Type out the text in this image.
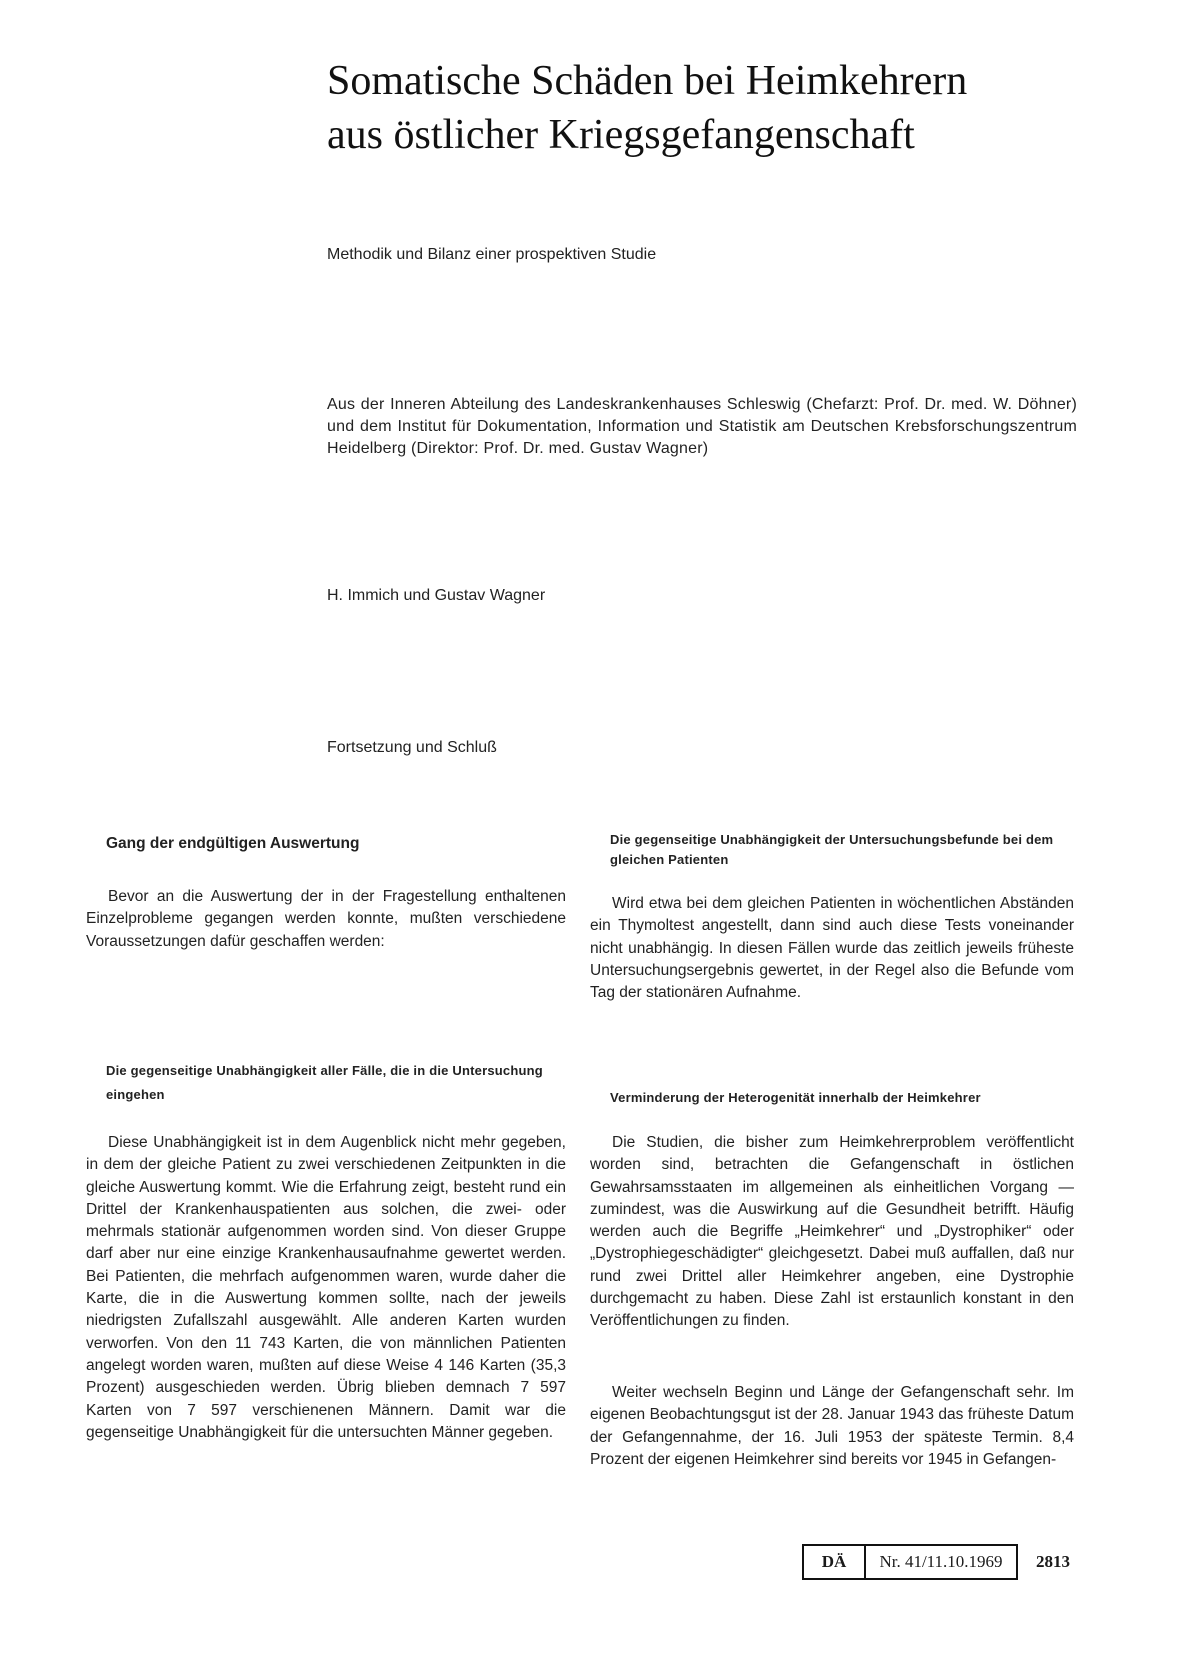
Somatische Schäden bei Heimkehrern
aus östlicher Kriegsgefangenschaft

Methodik und Bilanz einer prospektiven Studie

Aus der Inneren Abteilung des Landeskrankenhauses Schleswig (Chefarzt: Prof. Dr. med. W. Döhner) und dem Institut für Dokumentation, Information und Statistik am Deutschen Krebsforschungszentrum Heidelberg (Direktor: Prof. Dr. med. Gustav Wagner)

H. Immich und Gustav Wagner

Fortsetzung und Schluß

Gang der endgültigen Auswertung

Bevor an die Auswertung der in der Fragestellung enthaltenen Einzelprobleme gegangen werden konnte, mußten verschiedene Voraussetzungen dafür geschaffen werden:

Die gegenseitige Unabhängigkeit aller Fälle, die in die Untersuchung eingehen

Diese Unabhängigkeit ist in dem Augenblick nicht mehr gegeben, in dem der gleiche Patient zu zwei verschiedenen Zeitpunkten in die gleiche Auswertung kommt. Wie die Erfahrung zeigt, besteht rund ein Drittel der Krankenhauspatienten aus solchen, die zwei- oder mehrmals stationär aufgenommen worden sind. Von dieser Gruppe darf aber nur eine einzige Krankenhausaufnahme gewertet werden. Bei Patienten, die mehrfach aufgenommen waren, wurde daher die Karte, die in die Auswertung kommen sollte, nach der jeweils niedrigsten Zufallszahl ausgewählt. Alle anderen Karten wurden verworfen. Von den 11 743 Karten, die von männlichen Patienten angelegt worden waren, mußten auf diese Weise 4 146 Karten (35,3 Prozent) ausgeschieden werden. Übrig blieben demnach 7 597 Karten von 7 597 verschienenen Männern. Damit war die gegenseitige Unabhängigkeit für die untersuchten Männer gegeben.

Die gegenseitige Unabhängigkeit der Untersuchungsbefunde bei dem gleichen Patienten

Wird etwa bei dem gleichen Patienten in wöchentlichen Abständen ein Thymoltest angestellt, dann sind auch diese Tests voneinander nicht unabhängig. In diesen Fällen wurde das zeitlich jeweils früheste Untersuchungsergebnis gewertet, in der Regel also die Befunde vom Tag der stationären Aufnahme.

Verminderung der Heterogenität innerhalb der Heimkehrer

Die Studien, die bisher zum Heimkehrerproblem veröffentlicht worden sind, betrachten die Gefangenschaft in östlichen Gewahrsamsstaaten im allgemeinen als einheitlichen Vorgang — zumindest, was die Auswirkung auf die Gesundheit betrifft. Häufig werden auch die Begriffe „Heimkehrer“ und „Dystrophiker“ oder „Dystrophiegeschädigter“ gleichgesetzt. Dabei muß auffallen, daß nur rund zwei Drittel aller Heimkehrer angeben, eine Dystrophie durchgemacht zu haben. Diese Zahl ist erstaunlich konstant in den Veröffentlichungen zu finden.

Weiter wechseln Beginn und Länge der Gefangenschaft sehr. Im eigenen Beobachtungsgut ist der 28. Januar 1943 das früheste Datum der Gefangennahme, der 16. Juli 1953 der späteste Termin. 8,4 Prozent der eigenen Heimkehrer sind bereits vor 1945 in Gefangen-

DÄ	Nr. 41/11.10.1969	2813
